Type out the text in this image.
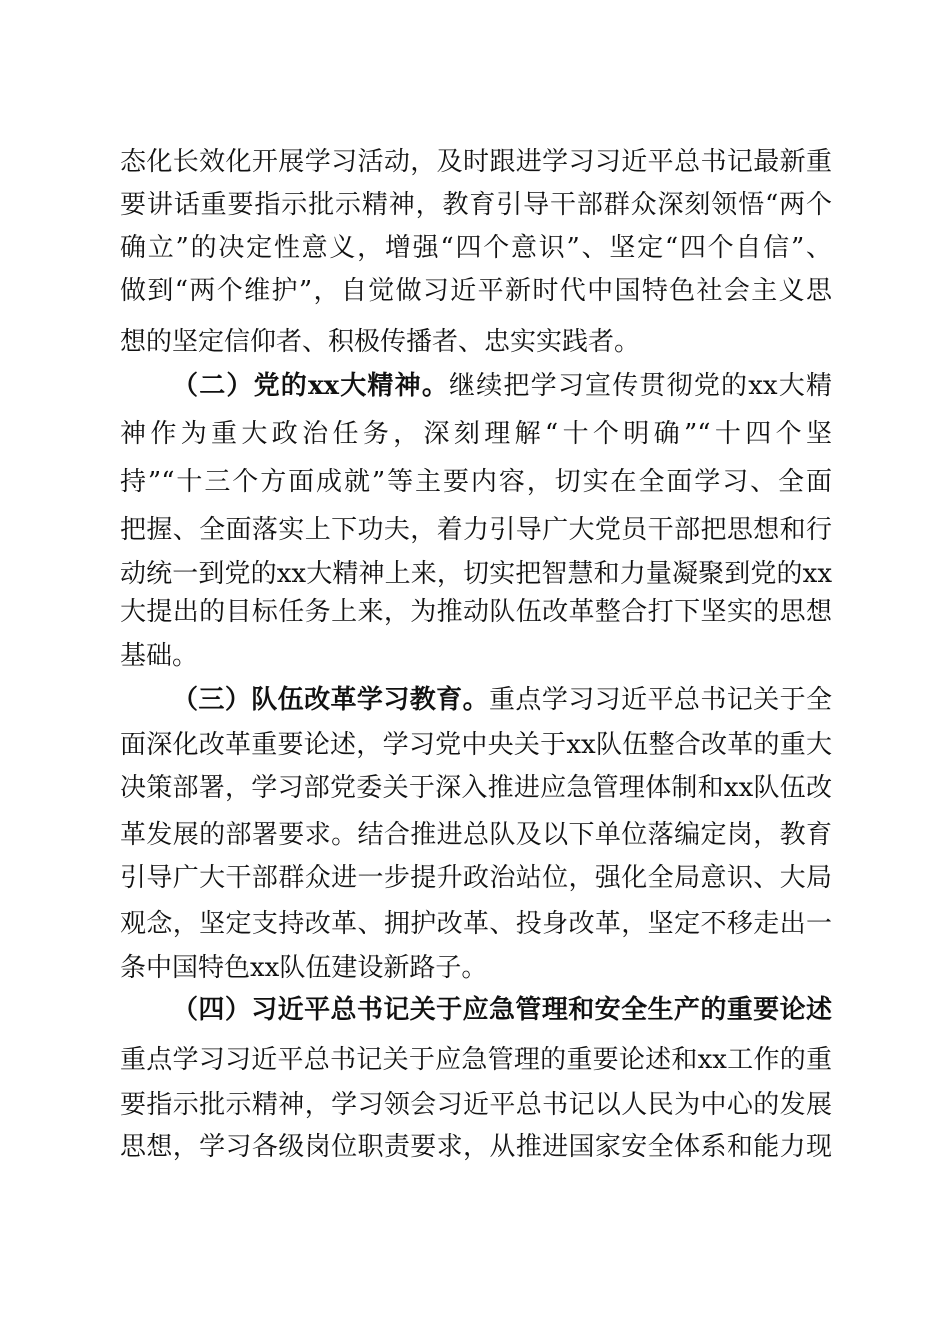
态化长效化开展学习活动，及时跟进学习习近平总书记最新重
要讲话重要指示批示精神，教育引导干部群众深刻领悟“两个
确立”的决定性意义，增强“四个意识”、坚定“四个自信”、
做到“两个维护”，自觉做习近平新时代中国特色社会主义思
想的坚定信仰者、积极传播者、忠实实践者。
（二）党的xx大精神。继续把学习宣传贯彻党的xx大精
神作为重大政治任务，深刻理解“十个明确”“十四个坚
持”“十三个方面成就”等主要内容，切实在全面学习、全面
把握、全面落实上下功夫，着力引导广大党员干部把思想和行
动统一到党的xx大精神上来，切实把智慧和力量凝聚到党的xx
大提出的目标任务上来，为推动队伍改革整合打下坚实的思想
基础。
（三）队伍改革学习教育。重点学习习近平总书记关于全
面深化改革重要论述，学习党中央关于xx队伍整合改革的重大
决策部署，学习部党委关于深入推进应急管理体制和xx队伍改
革发展的部署要求。结合推进总队及以下单位落编定岗，教育
引导广大干部群众进一步提升政治站位，强化全局意识、大局
观念，坚定支持改革、拥护改革、投身改革，坚定不移走出一
条中国特色xx队伍建设新路子。
（四）习近平总书记关于应急管理和安全生产的重要论述
重点学习习近平总书记关于应急管理的重要论述和xx工作的重
要指示批示精神，学习领会习近平总书记以人民为中心的发展
思想，学习各级岗位职责要求，从推进国家安全体系和能力现
